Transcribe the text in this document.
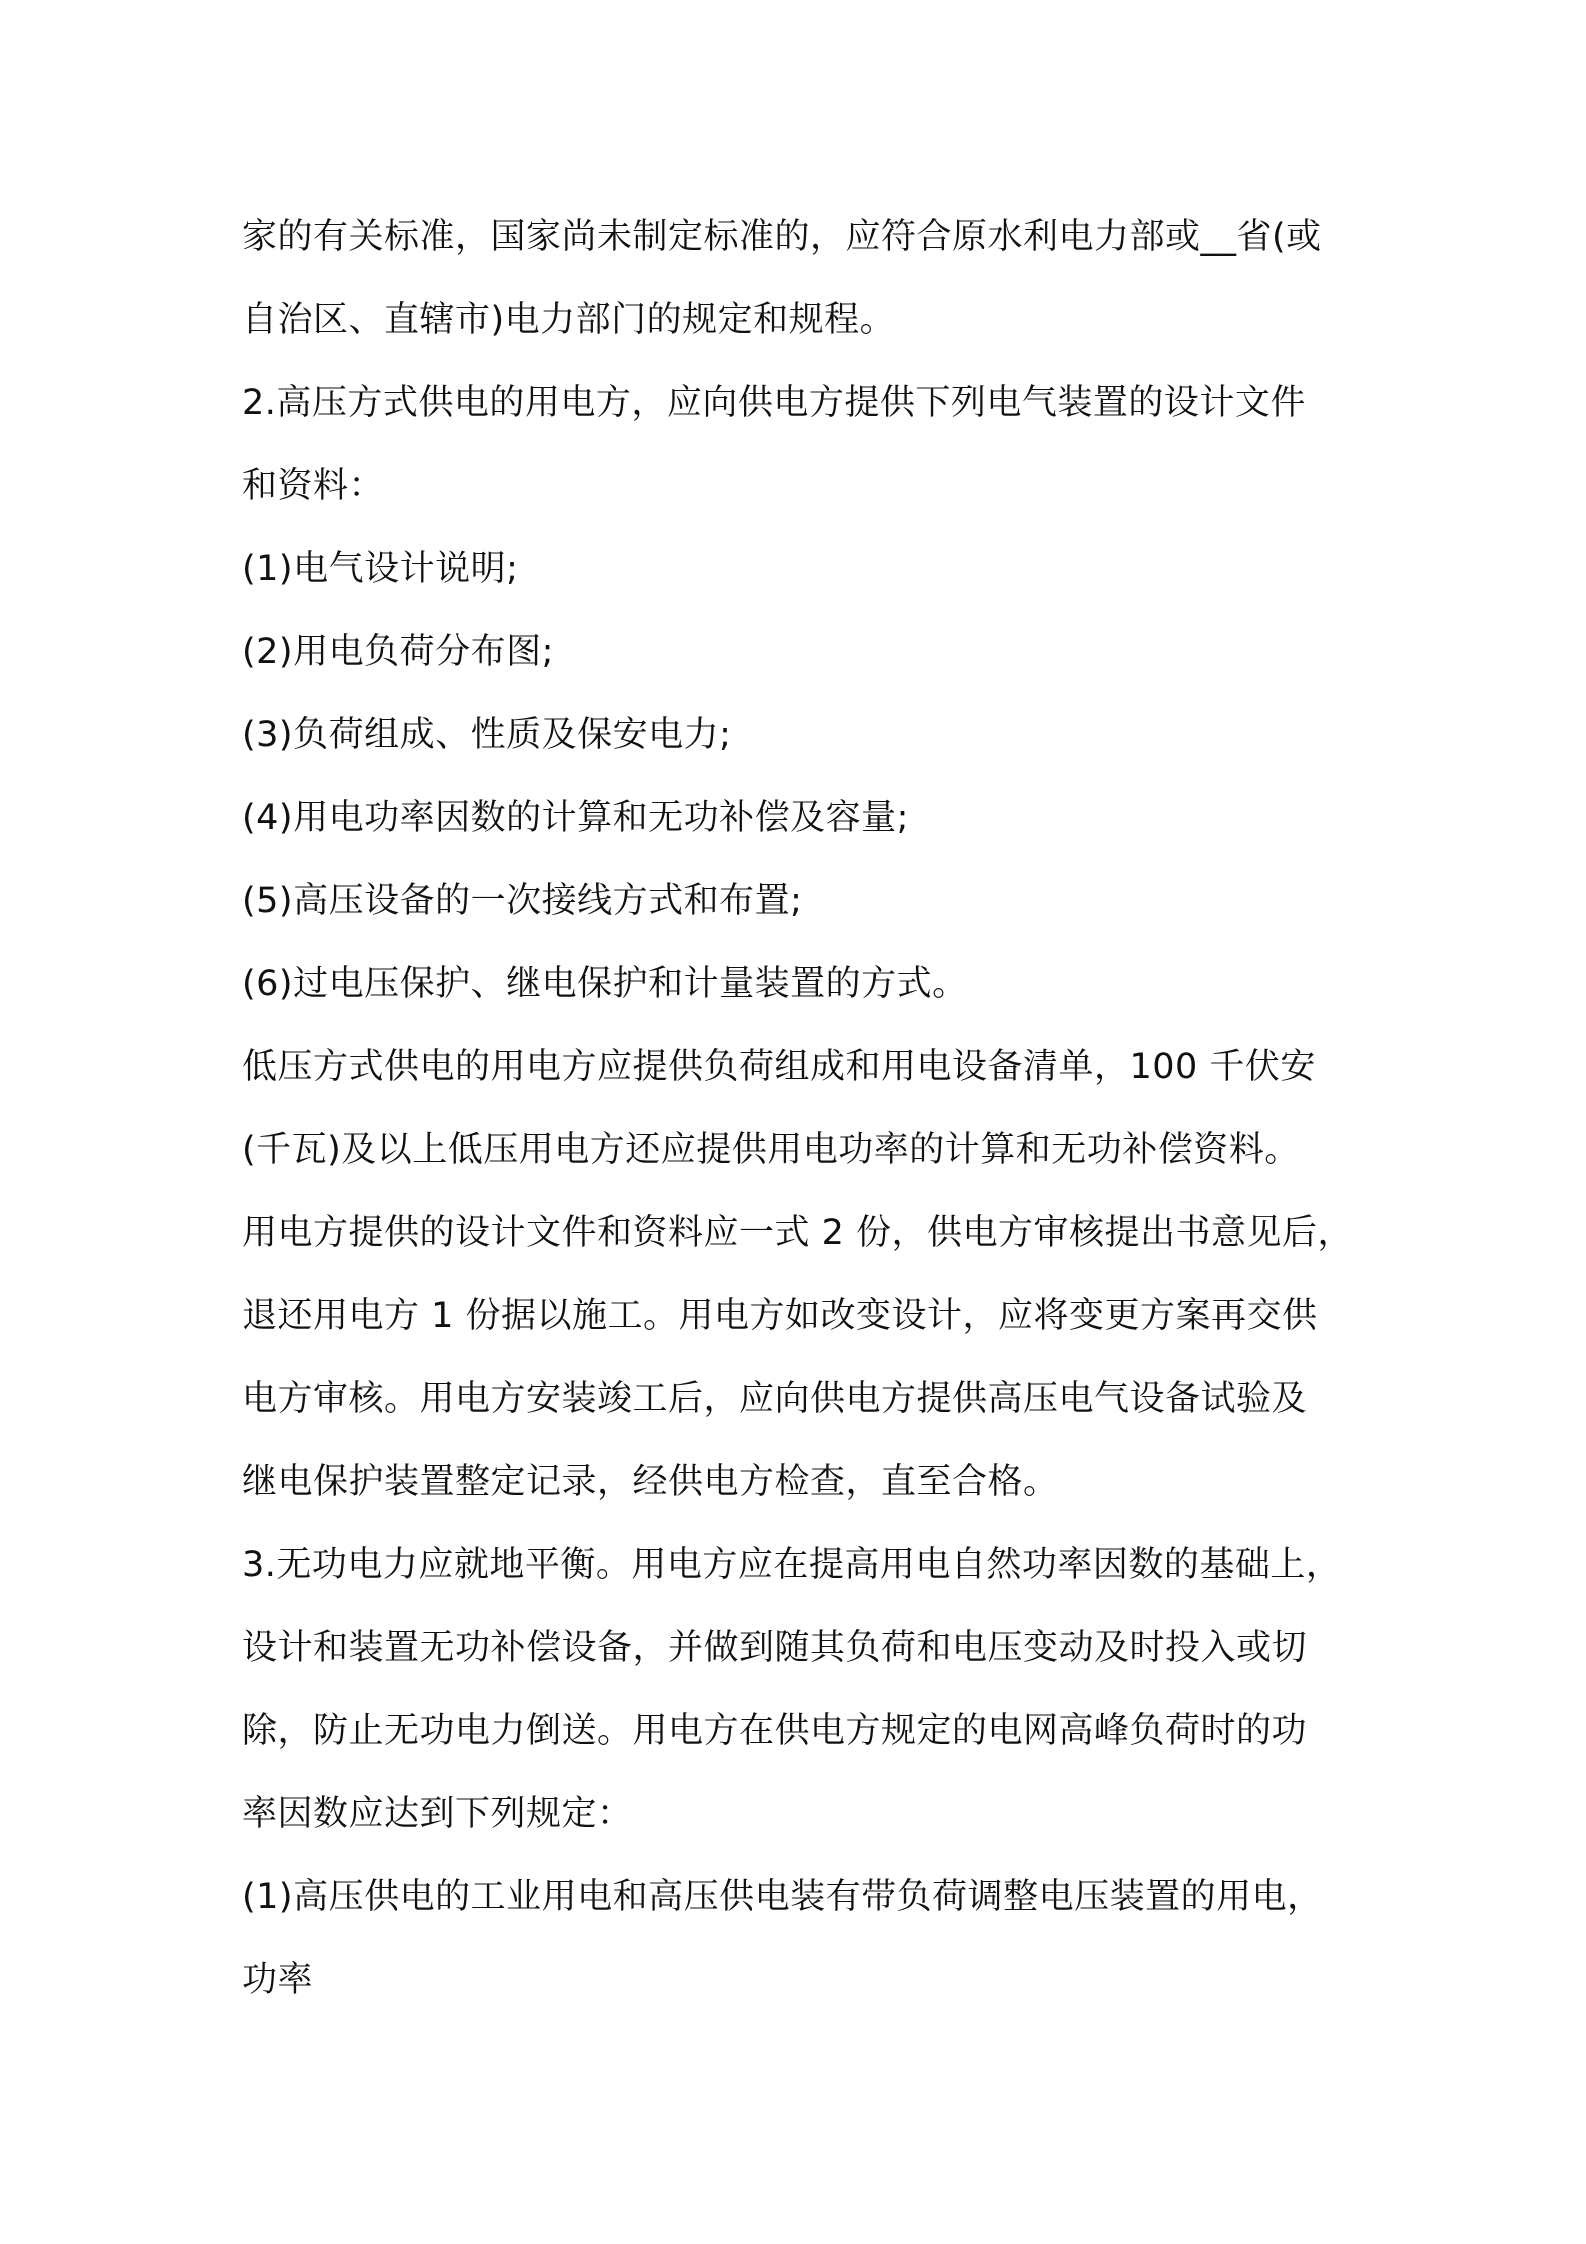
家的有关标准，国家尚未制定标准的，应符合原水利电力部或__省(或
自治区、直辖市)电力部门的规定和规程。
2.高压方式供电的用电方，应向供电方提供下列电气装置的设计文件
和资料：
(1)电气设计说明;
(2)用电负荷分布图;
(3)负荷组成、性质及保安电力;
(4)用电功率因数的计算和无功补偿及容量;
(5)高压设备的一次接线方式和布置;
(6)过电压保护、继电保护和计量装置的方式。
低压方式供电的用电方应提供负荷组成和用电设备清单，100 千伏安
(千瓦)及以上低压用电方还应提供用电功率的计算和无功补偿资料。
用电方提供的设计文件和资料应一式 2 份，供电方审核提出书意见后，
退还用电方 1 份据以施工。用电方如改变设计，应将变更方案再交供
电方审核。用电方安装竣工后，应向供电方提供高压电气设备试验及
继电保护装置整定记录，经供电方检查，直至合格。
3.无功电力应就地平衡。用电方应在提高用电自然功率因数的基础上，
设计和装置无功补偿设备，并做到随其负荷和电压变动及时投入或切
除，防止无功电力倒送。用电方在供电方规定的电网高峰负荷时的功
率因数应达到下列规定：
(1)高压供电的工业用电和高压供电装有带负荷调整电压装置的用电，
功率
